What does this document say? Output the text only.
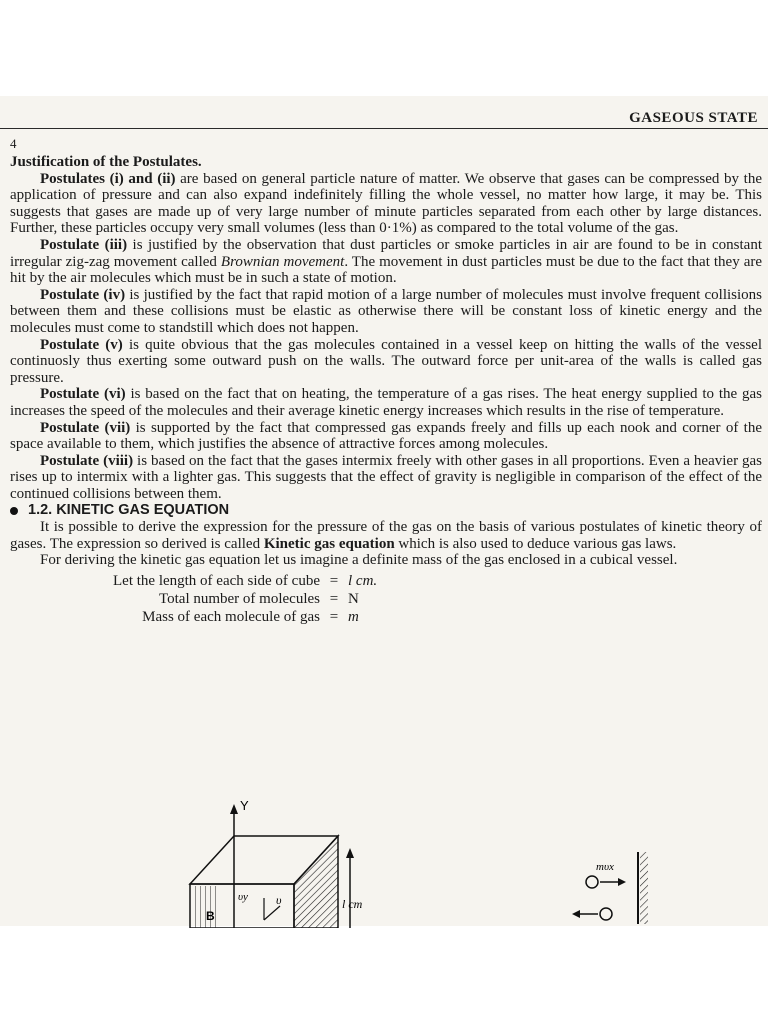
GASEOUS STATE
4

Justification of the Postulates.

Postulates (i) and (ii) are based on general particle nature of matter. We observe that gases can be compressed by the application of pressure and can also expand indefinitely filling the whole vessel, no matter how large, it may be. This suggests that gases are made up of very large number of minute particles separated from each other by large distances. Further, these particles occupy very small volumes (less than 0·1%) as compared to the total volume of the gas.

Postulate (iii) is justified by the observation that dust particles or smoke particles in air are found to be in constant irregular zig-zag movement called Brownian movement. The movement in dust particles must be due to the fact that they are hit by the air molecules which must be in such a state of motion.

Postulate (iv) is justified by the fact that rapid motion of a large number of molecules must involve frequent collisions between them and these collisions must be elastic as otherwise there will be constant loss of kinetic energy and the molecules must come to standstill which does not happen.

Postulate (v) is quite obvious that the gas molecules contained in a vessel keep on hitting the walls of the vessel continuosly thus exerting some outward push on the walls. The outward force per unit-area of the walls is called gas pressure.

Postulate (vi) is based on the fact that on heating, the temperature of a gas rises. The heat energy supplied to the gas increases the speed of the molecules and their average kinetic energy increases which results in the rise of temperature.

Postulate (vii) is supported by the fact that compressed gas expands freely and fills up each nook and corner of the space available to them, which justifies the absence of attractive forces among molecules.

Postulate (viii) is based on the fact that the gases intermix freely with other gases in all proportions. Even a heavier gas rises up to intermix with a lighter gas. This suggests that the effect of gravity is negligible in comparison of the effect of the continued collisions between them.

1.2. KINETIC GAS EQUATION

It is possible to derive the expression for the pressure of the gas on the basis of various postulates of kinetic theory of gases. The expression so derived is called Kinetic gas equation which is also used to deduce various gas laws.

For deriving the kinetic gas equation let us imagine a definite mass of the gas enclosed in a cubical vessel.

Let the length of each side of cube = l cm.
Total number of molecules = N
Mass of each molecule of gas = m
Y
B
υy υ	l cm
mυx
